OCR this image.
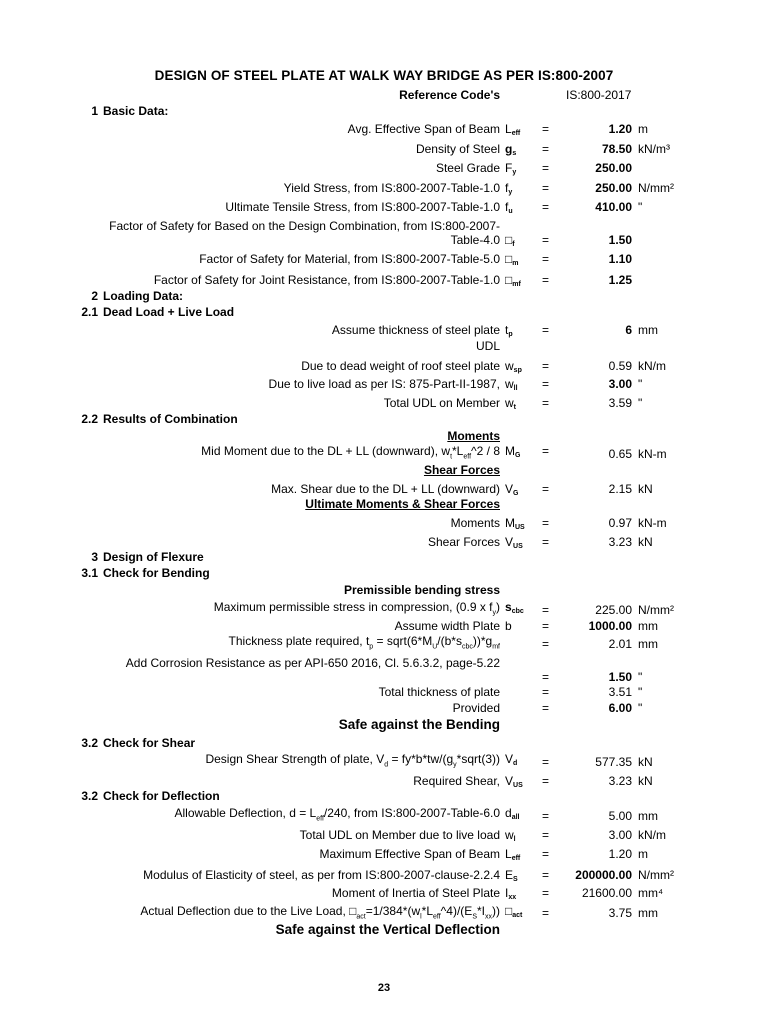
DESIGN OF STEEL PLATE AT WALK WAY BRIDGE AS PER IS:800-2007
Reference Code's	IS:800-2017
1 Basic Data:
Avg. Effective Span of Beam $L_{eff}$ =	1.20 m
Density of Steel $g_s$ =	78.50 kN/m³
Steel Grade $F_y$ =	250.00
Yield Stress, from IS:800-2007-Table-1.0 $f_y$ =	250.00 N/mm²
Ultimate Tensile Stress, from IS:800-2007-Table-1.0 $f_u$ =	410.00 "
Factor of Safety for Based on the Design Combination, from IS:800-2007-Table-4.0 $□_f$ =	1.50
Factor of Safety for Material, from IS:800-2007-Table-5.0 $□_m$ =	1.10
Factor of Safety for Joint Resistance, from IS:800-2007-Table-1.0 $□_{mf}$ =	1.25
2 Loading Data:
2.1 Dead Load + Live Load
Assume thickness of steel plate $t_p$ =	6 mm
UDL
Due to dead weight of roof steel plate $w_{sp}$ =	0.59 kN/m
Due to live load as per IS: 875-Part-II-1987, $w_{ll}$ =	3.00 "
Total UDL on Member $w_t$ =	3.59 "
2.2 Results of Combination
Moments
Mid Moment due to the DL + LL (downward), $w_t*L_{eff}\^{}2 / 8$ $M_G$ =	0.65 kN-m
Shear Forces
Max. Shear due to the DL + LL (downward) $V_G$ =	2.15 kN
Ultimate Moments & Shear Forces
Moments $M_{US}$ =	0.97 kN-m
Shear Forces $V_{US}$ =	3.23 kN
3 Design of Flexure
3.1 Check for Bending
Premissible bending stress
Maximum permissible stress in compression, (0.9 x $f_y$) $s_{cbc}$ =	225.00 N/mm²
Assume width Plate b	=	1000.00 mm
Thickness plate required, $t_p$ = $sqrt(6*M_U/(b*s_{cbc}))*g_{mf}$	=	2.01 mm
Add Corrosion Resistance as per API-650 2016, Cl. 5.6.3.2, page-5.22
=	1.50 "
Total thickness of plate	=	3.51 "
Provided	=	6.00 "
Safe against the Bending
3.2 Check for Shear
Design Shear Strength of plate, $V_d$ = $fy*b*tw/(g_y*sqrt(3)) V_d$ =	577.35 kN
Required Shear, $V_{US}$ =	3.23 kN
3.2 Check for Deflection
Allowable Deflection, $d = L_{eff}/240$, from IS:800-2007-Table-6.0 $d_{all}$ =	5.00 mm
Total UDL on Member due to live load $w_l$ =	3.00 kN/m
Maximum Effective Span of Beam $L_{eff}$ =	1.20 m
Modulus of Elasticity of steel, as per from IS:800-2007-clause-2.2.4 $E_S = 200000.00$ N/mm²
Moment of Inertia of Steel Plate $I_{xx}$ =	21600.00 mm⁴
Actual Deflection due to the Live Load, $□_{act}=1/384*(w_l*L_{eff}\^{}4)/(E_S*I_{xx})$) $□_{act}$ =	3.75 mm
Safe against the Vertical Deflection
23
